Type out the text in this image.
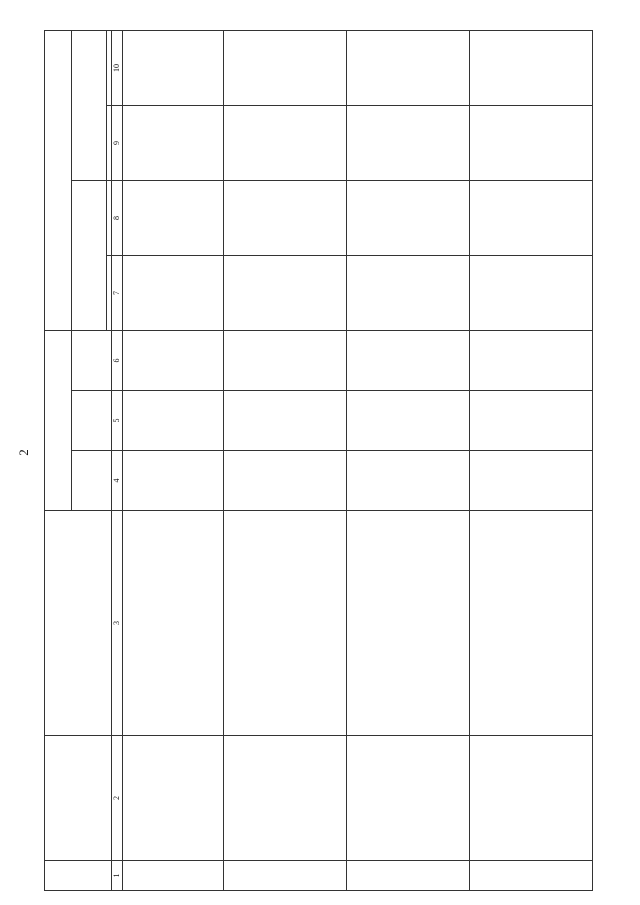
2

1	2	3	4	5	6	7	8	9	10
